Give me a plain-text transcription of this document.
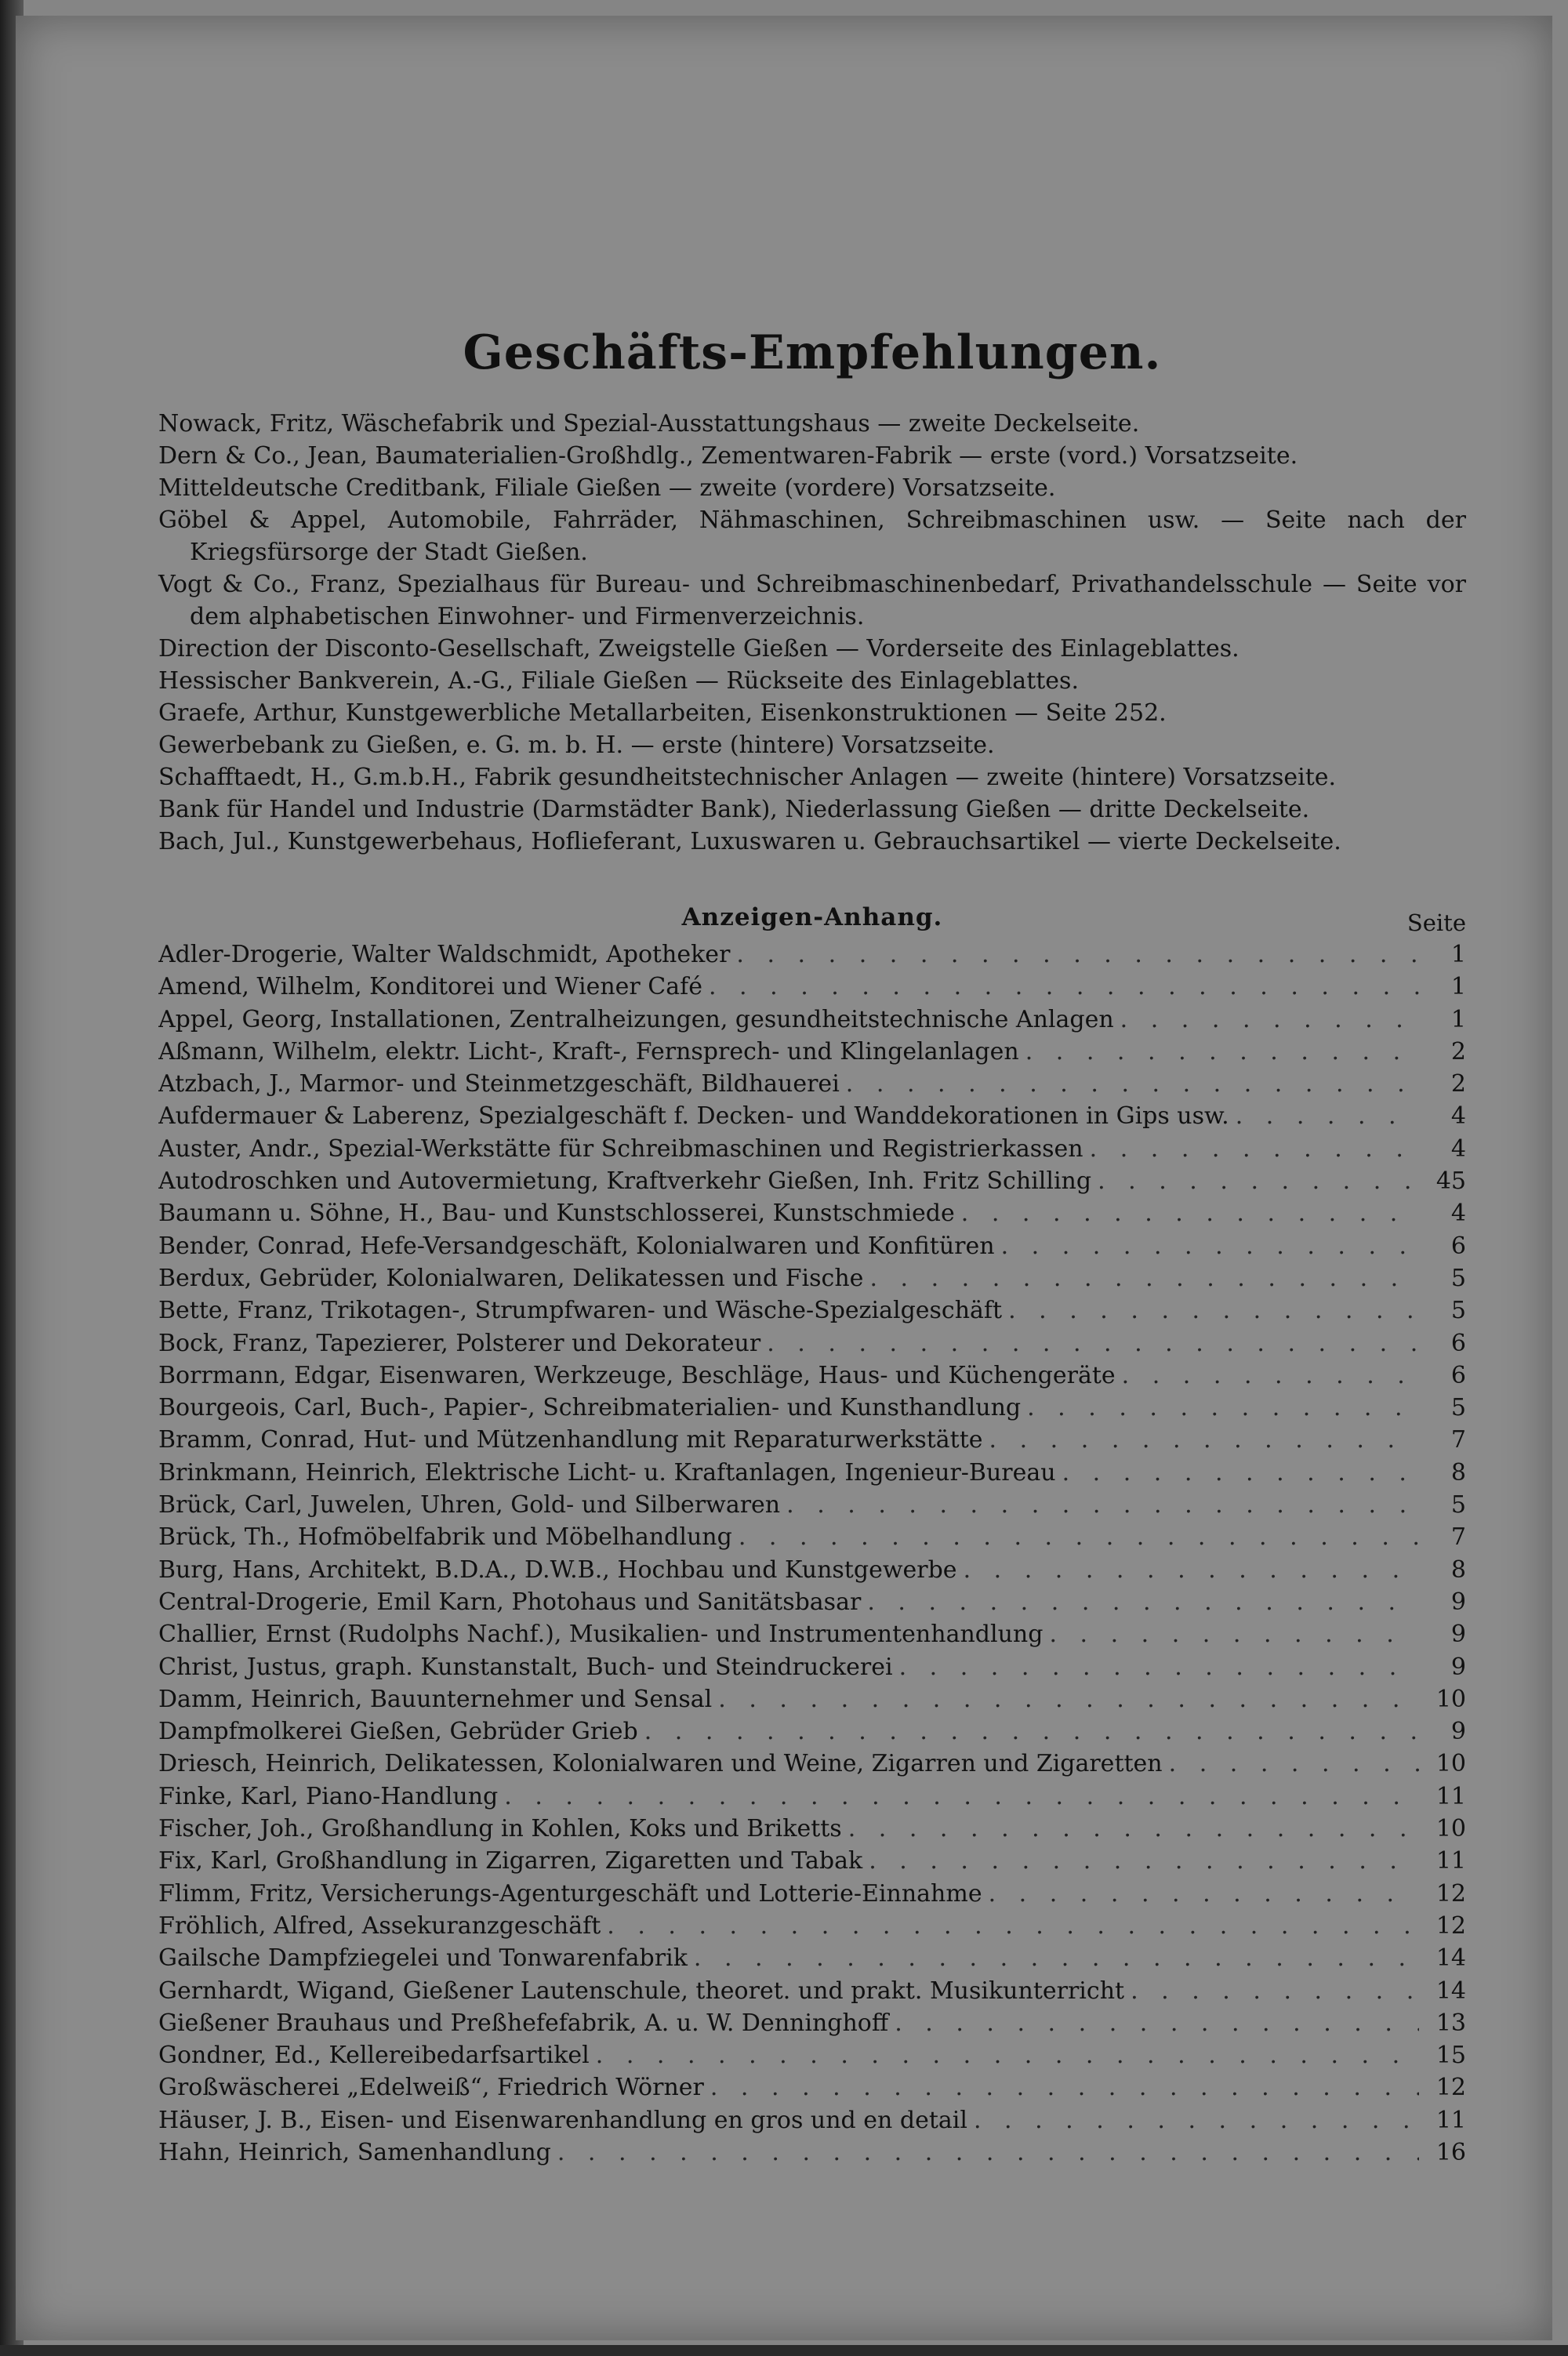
Geschäfts-Empfehlungen.
Nowack, Fritz, Wäschefabrik und Spezial-Ausstattungshaus — zweite Deckelseite.
Dern & Co., Jean, Baumaterialien-Großhdlg., Zementwaren-Fabrik — erste (vord.) Vorsatzseite.
Mitteldeutsche Creditbank, Filiale Gießen — zweite (vordere) Vorsatzseite.
Göbel & Appel, Automobile, Fahrräder, Nähmaschinen, Schreibmaschinen usw. — Seite nach der Kriegsfürsorge der Stadt Gießen.
Vogt & Co., Franz, Spezialhaus für Bureau- und Schreibmaschinenbedarf, Privathandelsschule — Seite vor dem alphabetischen Einwohner- und Firmenverzeichnis.
Direction der Disconto-Gesellschaft, Zweigstelle Gießen — Vorderseite des Einlageblattes.
Hessischer Bankverein, A.-G., Filiale Gießen — Rückseite des Einlageblattes.
Graefe, Arthur, Kunstgewerbliche Metallarbeiten, Eisenkonstruktionen — Seite 252.
Gewerbebank zu Gießen, e. G. m. b. H. — erste (hintere) Vorsatzseite.
Schafftaedt, H., G.m.b.H., Fabrik gesundheitstechnischer Anlagen — zweite (hintere) Vorsatzseite.
Bank für Handel und Industrie (Darmstädter Bank), Niederlassung Gießen — dritte Deckelseite.
Bach, Jul., Kunstgewerbehaus, Hoflieferant, Luxuswaren u. Gebrauchsartikel — vierte Deckelseite.
Anzeigen-Anhang.	Seite
Adler-Drogerie, Walter Waldschmidt, Apotheker . . .	1
Amend, Wilhelm, Konditorei und Wiener Café . . .	1
Appel, Georg, Installationen, Zentralheizungen, gesundheitstechnische Anlagen . . .	1
Aßmann, Wilhelm, elektr. Licht-, Kraft-, Fernsprech- und Klingelanlagen . . .	2
Atzbach, J., Marmor- und Steinmetzgeschäft, Bildhauerei . . .	2
Aufdermauer & Laberenz, Spezialgeschäft f. Decken- und Wanddekorationen in Gips usw. . . .	4
Auster, Andr., Spezial-Werkstätte für Schreibmaschinen und Registrierkassen . . .	4
Autodroschken und Autovermietung, Kraftverkehr Gießen, Inh. Fritz Schilling . . .	45
Baumann u. Söhne, H., Bau- und Kunstschlosserei, Kunstschmiede . . .	4
Bender, Conrad, Hefe-Versandgeschäft, Kolonialwaren und Konfitüren . . .	6
Berdux, Gebrüder, Kolonialwaren, Delikatessen und Fische . . .	5
Bette, Franz, Trikotagen-, Strumpfwaren- und Wäsche-Spezialgeschäft . . .	5
Bock, Franz, Tapezierer, Polsterer und Dekorateur . . .	6
Borrmann, Edgar, Eisenwaren, Werkzeuge, Beschläge, Haus- und Küchengeräte . . .	6
Bourgeois, Carl, Buch-, Papier-, Schreibmaterialien- und Kunsthandlung . . .	5
Bramm, Conrad, Hut- und Mützenhandlung mit Reparaturwerkstätte . . .	7
Brinkmann, Heinrich, Elektrische Licht- u. Kraftanlagen, Ingenieur-Bureau . . .	8
Brück, Carl, Juwelen, Uhren, Gold- und Silberwaren . . .	5
Brück, Th., Hofmöbelfabrik und Möbelhandlung . . .	7
Burg, Hans, Architekt, B.D.A., D.W.B., Hochbau und Kunstgewerbe . . .	8
Central-Drogerie, Emil Karn, Photohaus und Sanitätsbasar . . .	9
Challier, Ernst (Rudolphs Nachf.), Musikalien- und Instrumentenhandlung . . .	9
Christ, Justus, graph. Kunstanstalt, Buch- und Steindruckerei . . .	9
Damm, Heinrich, Bauunternehmer und Sensal . . .	10
Dampfmolkerei Gießen, Gebrüder Grieb . . .	9
Driesch, Heinrich, Delikatessen, Kolonialwaren und Weine, Zigarren und Zigaretten . . .	10
Finke, Karl, Piano-Handlung . . .	11
Fischer, Joh., Großhandlung in Kohlen, Koks und Briketts . . .	10
Fix, Karl, Großhandlung in Zigarren, Zigaretten und Tabak . . .	11
Flimm, Fritz, Versicherungs-Agenturgeschäft und Lotterie-Einnahme . . .	12
Fröhlich, Alfred, Assekuranzgeschäft . . .	12
Gailsche Dampfziegelei und Tonwarenfabrik . . .	14
Gernhardt, Wigand, Gießener Lautenschule, theoret. und prakt. Musikunterricht . . .	14
Gießener Brauhaus und Preßhefefabrik, A. u. W. Denninghoff . . .	13
Gondner, Ed., Kellereibedarfsartikel . . .	15
Großwäscherei „Edelweiß“, Friedrich Wörner . . .	12
Häuser, J. B., Eisen- und Eisenwarenhandlung en gros und en detail . . .	11
Hahn, Heinrich, Samenhandlung . . .	16
